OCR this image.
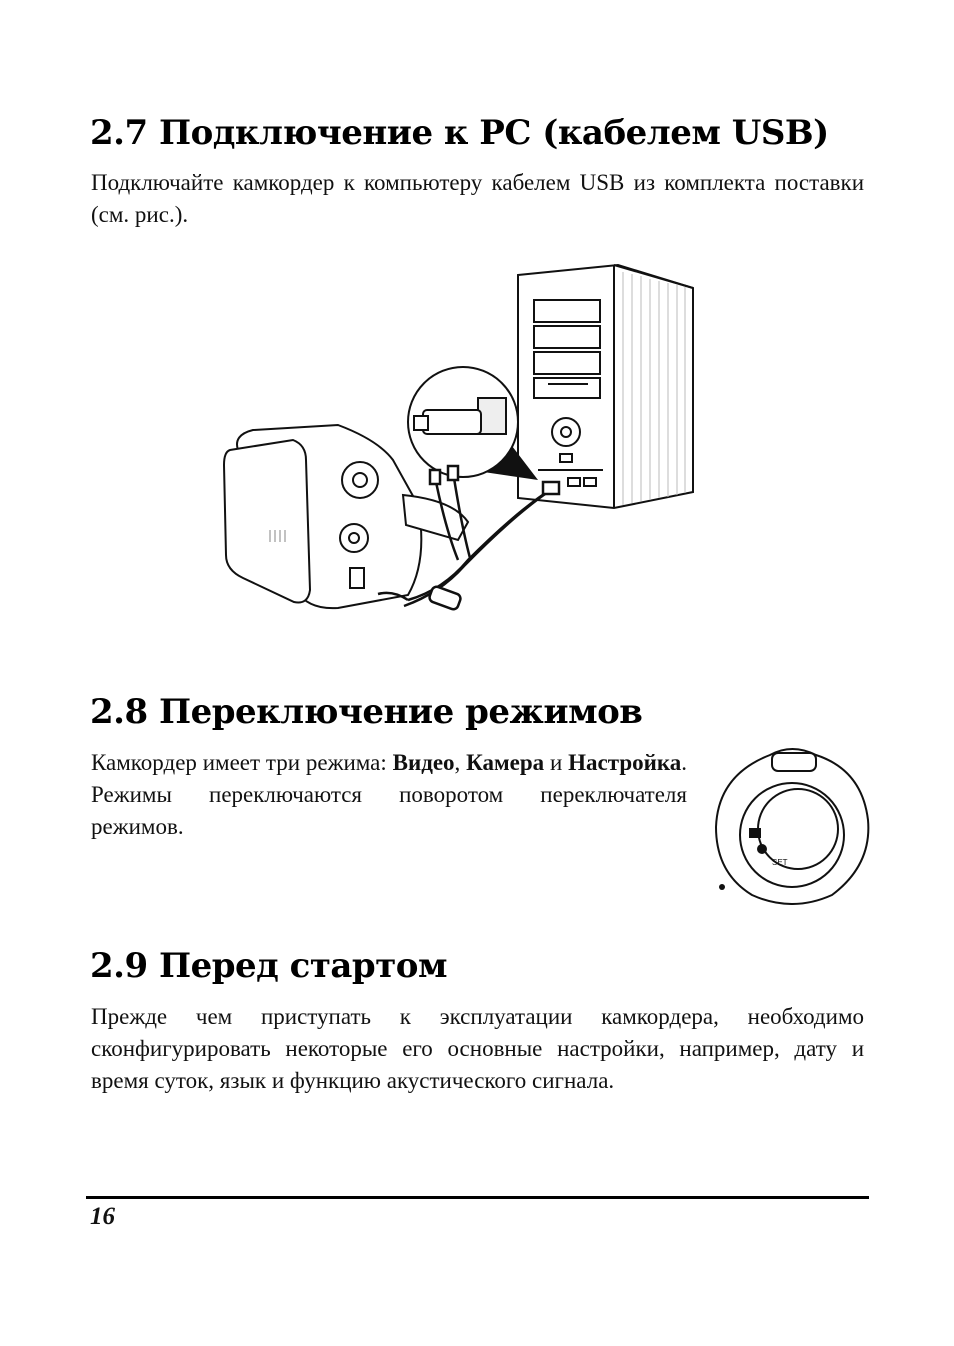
2.7 Подключение к PC (кабелем USB)

Подключайте камкордер к компьютеру кабелем USB из комплекта поставки (см. рис.).

2.8 Переключение режимов

Камкордер имеет три режима: Видео, Камера и Настройка. Режимы переключаются поворотом переключателя режимов.

SET
2.9 Перед стартом

Прежде чем приступать к эксплуатации камкордера, необходимо сконфигурировать некоторые его основные настройки, например, дату и время суток, язык и функцию акустического сигнала.

16
